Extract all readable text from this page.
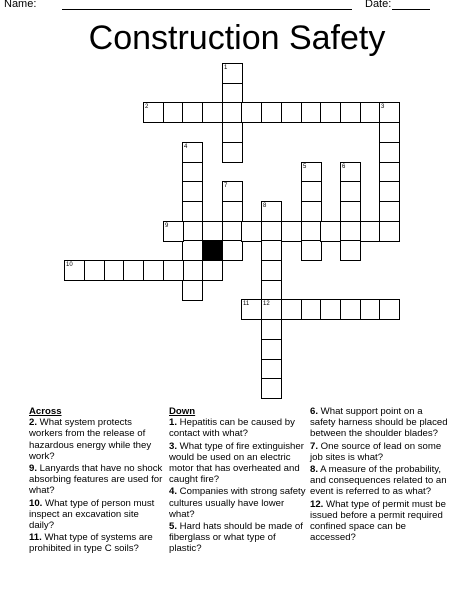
Name:	Date:
Construction Safety
1
2	3
4
5	6
7
8
9
10
11 12
Across
2. What system protects workers from the release of hazardous energy while they work?
9. Lanyards that have no shock absorbing features are used for what?
10. What type of person must inspect an excavation site daily?
11. What type of systems are prohibited in type C soils?
Down
1. Hepatitis can be caused by contact with what?
3. What type of fire extinguisher would be used on an electric motor that has overheated and caught fire?
4. Companies with strong safety cultures usually have lower what?
5. Hard hats should be made of fiberglass or what type of plastic?
6. What support point on a safety harness should be placed between the shoulder blades?
7. One source of lead on some job sites is what?
8. A measure of the probability, and consequences related to an event is referred to as what?
12. What type of permit must be issued before a permit required confined space can be accessed?
